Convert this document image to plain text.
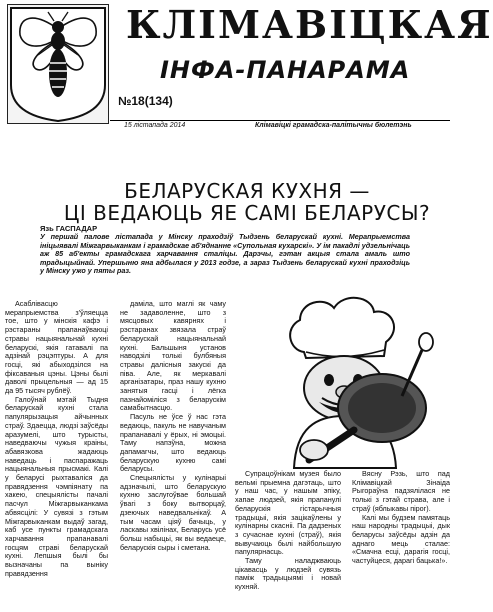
КЛІМАВІЦКАЯ
ІНФА-ПАНАРАМА
№18(134)
15 лістапада 2014	Клімавіцкі грамадска-палітычны бюлетэнь
БЕЛАРУСКАЯ КУХНЯ —
ЦІ ВЕДАЮЦЬ ЯЕ САМІ БЕЛАРУСЫ?
Язь ГАСПАДАР
У першай палове лістапада у Мінску праходзіў Тыдзень беларускай кухні. Мерапрыемства ініцыявалі Міжгарвыканкам і грамадскае аб'яднанне «Супольная кухарскі». У ім пакадлі удзельнічаць аж 85 аб'екты грамадскага харчавання сталіцы. Дарэчы, гэтан акцыя стала амаль што традыцыйнай. Упершыню яна адбылася у 2013 годзе, а зараз Тыдзень беларускай кухні праходзіць у Мінску ужо у пяты раз.

Асаблівасцю мерапрыемства з'ўляецца тое, што у мінскія кафэ і рэстараны прапанаўваюці стравы нацыянальнай кухні беларускі, якія гатавалі па адзінай рэцэптуры. А для госці, які абыходзілся на фіксаваныя цэны. Цэны былі даволі прыцельныя — ад 15 да 95 тысяч рублёў.

Галоўнай мэтай Тыдня беларускай кухні стала папулярызацыя айчынных страў. Здаецца, людзі заўсёды аразумелі, што турысты, наведваючы чужыя краіны, абавязкова жадаюць наведаць і паспаражаць нацыянальныя прысмакі. Калі у беларусі рыхтаваліся да правядзення чэмпіянату па хакею, спецыялісты пачалі пасчул Міжгарвыканкама абвясцілі: У сувязі з гэтым Міжгарвыканкам выдаў загад, каб усе пункты грамадскага харчавання прапанавалі госцям страві беларускай кухні. Лепшыя былі бы вызначаны па выніку правядзення

даміла, што маглі як чаму не задаволенне, што з мясцовых кавярнях і рэстаранах звязала страў беларускай нацыянальнай кухні. Бальшыня установ наводзілі толькі булбяныя стравы далісныя закускі да піва. Але, як меркавалі арганізатары, праз нашу кухню занятыя гасці і лёгка пазнайоміліся з беларускім самабытнасцю.

Пасуль не ўсе ў нас гэта ведаюць, пакуль не навучаным прапанавалі у ёрых, ні эмоцыі. Таму напэўна, можна дапамагчы, што ведаюць беларускую кухню самі беларусы.

Спецыялісты у кулінарыі адзначылі, што беларускую кухню заслугоўвае большай ўвагі з боку вытворцаў, дзеючых наведвальнікаў. А тым часам ціяў бачыць, у ласкавы хвілінах, Беларусь усё больш набыцьі, як вы ведаеце, беларускія сыры і сметана.

Супрацоўнікам музея было вельмі прыемна дагэтаць, што у наш час, у нашым эпіку, хапае людзей, якія прапанулі беларускія гістарычныя традыцыі, якія зацікаўлены у кулінарны скасніі. Па дадзеных з сучаснае кухні (страў), якія вывучаюць былі найбольшую папулярнасць.

Таму наладжваюць цікавасць у людзей сувязь паміж традыцыямі і новай кухняй.

Вясну Рэзь, што пад Клімавіцкай Зінаіда Рыгораўна падзялілася не толькі з гэтай страва, але і страў (яблыкавы пірог).

Калі мы будзем памятаць наш народны традыцыі, дык беларусы заўсёды адзін да аднаго мець сталае: «Смачна есці, дарагія госці, частуйцеся, дарагі бацька!».
